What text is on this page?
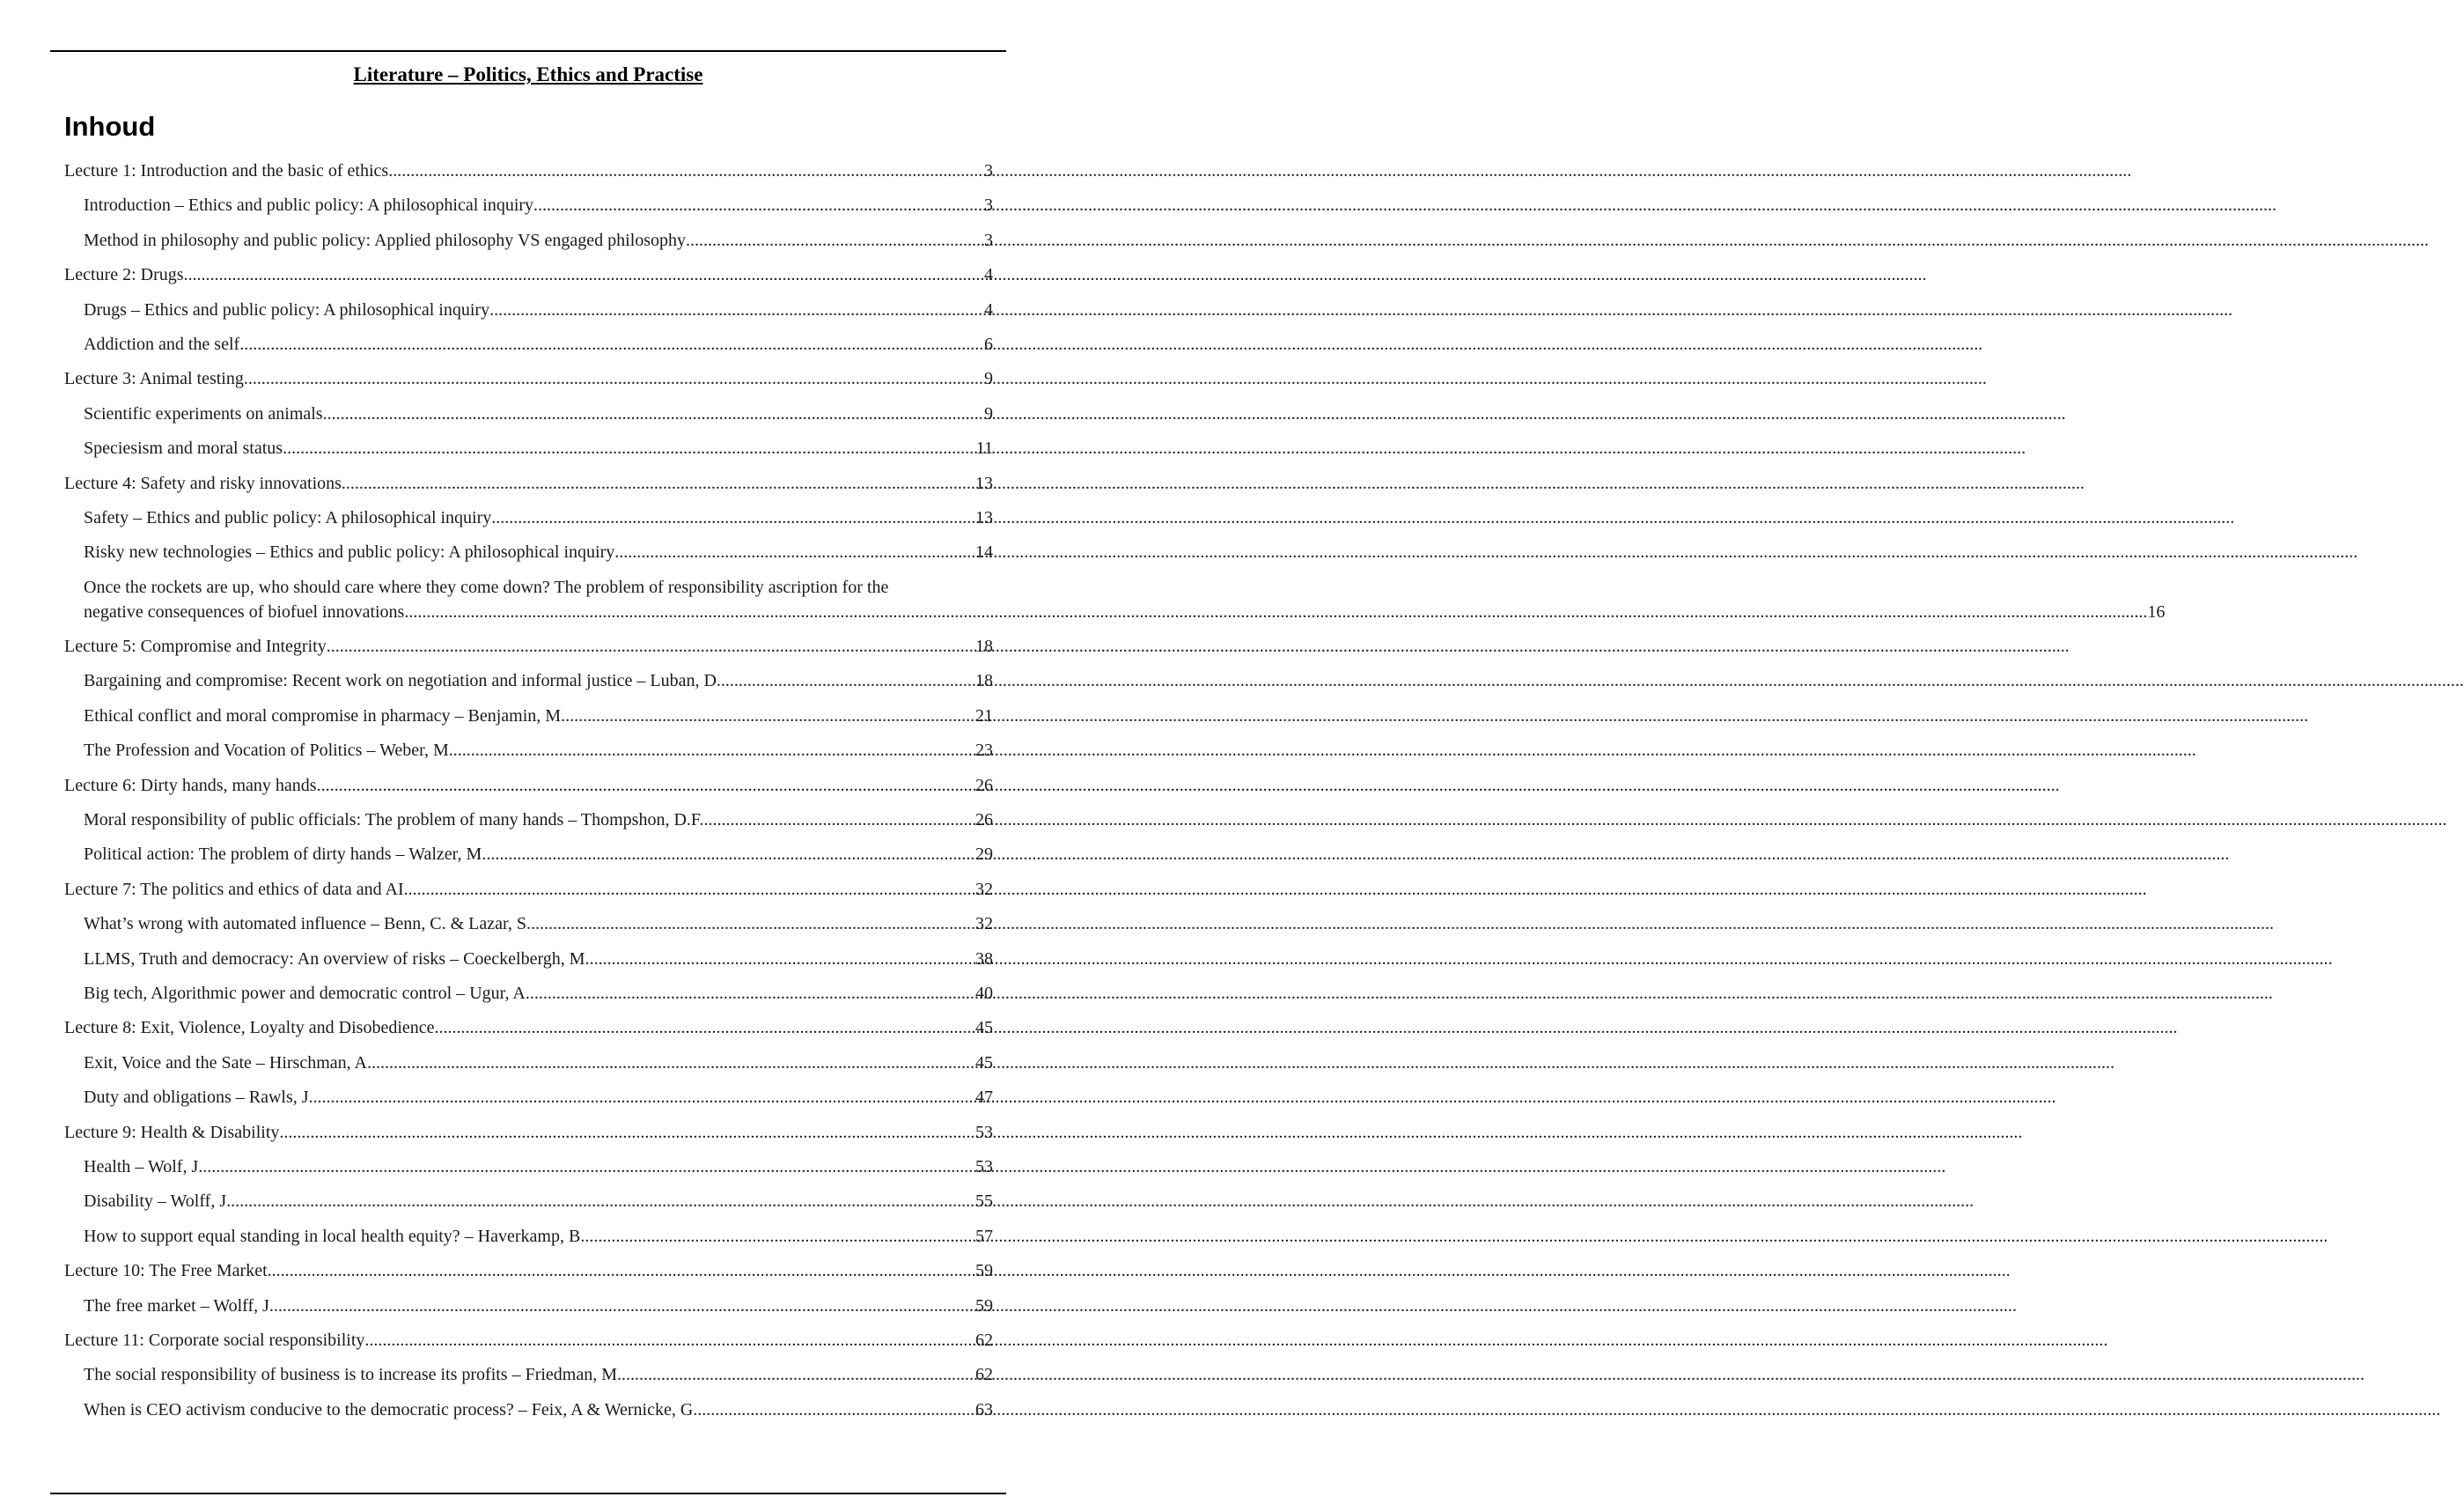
Literature – Politics, Ethics and Practise
Inhoud
Lecture 1: Introduction and the basic of ethics .....	3
Introduction – Ethics and public policy: A philosophical inquiry .....	3
Method in philosophy and public policy: Applied philosophy VS engaged philosophy .....	3
Lecture 2: Drugs .....	4
Drugs – Ethics and public policy: A philosophical inquiry .....	4
Addiction and the self .....	6
Lecture 3: Animal testing .....	9
Scientific experiments on animals .....	9
Speciesism and moral status .....	11
Lecture 4: Safety and risky innovations .....	13
Safety – Ethics and public policy: A philosophical inquiry .....	13
Risky new technologies – Ethics and public policy: A philosophical inquiry .....	14
Once the rockets are up, who should care where they come down? The problem of responsibility ascription for the
negative consequences of biofuel innovations .....	16
Lecture 5: Compromise and Integrity .....	18
Bargaining and compromise: Recent work on negotiation and informal justice – Luban, D. .....	18
Ethical conflict and moral compromise in pharmacy – Benjamin, M. .....	21
The Profession and Vocation of Politics – Weber, M. .....	23
Lecture 6: Dirty hands, many hands .....	26
Moral responsibility of public officials: The problem of many hands – Thompshon, D.F. .....	26
Political action: The problem of dirty hands – Walzer, M. .....	29
Lecture 7: The politics and ethics of data and AI .....	32
What’s wrong with automated influence – Benn, C. & Lazar, S. .....	32
LLMS, Truth and democracy: An overview of risks – Coeckelbergh, M. .....	38
Big tech, Algorithmic power and democratic control – Ugur, A. .....	40
Lecture 8: Exit, Violence, Loyalty and Disobedience .....	45
Exit, Voice and the Sate – Hirschman, A. .....	45
Duty and obligations – Rawls, J. .....	47
Lecture 9: Health & Disability .....	53
Health – Wolf, J. .....	53
Disability – Wolff, J. .....	55
How to support equal standing in local health equity? – Haverkamp, B. .....	57
Lecture 10: The Free Market .....	59
The free market – Wolff, J. .....	59
Lecture 11: Corporate social responsibility .....	62
The social responsibility of business is to increase its profits – Friedman, M. .....	62
When is CEO activism conducive to the democratic process? – Feix, A & Wernicke, G. .....	63
